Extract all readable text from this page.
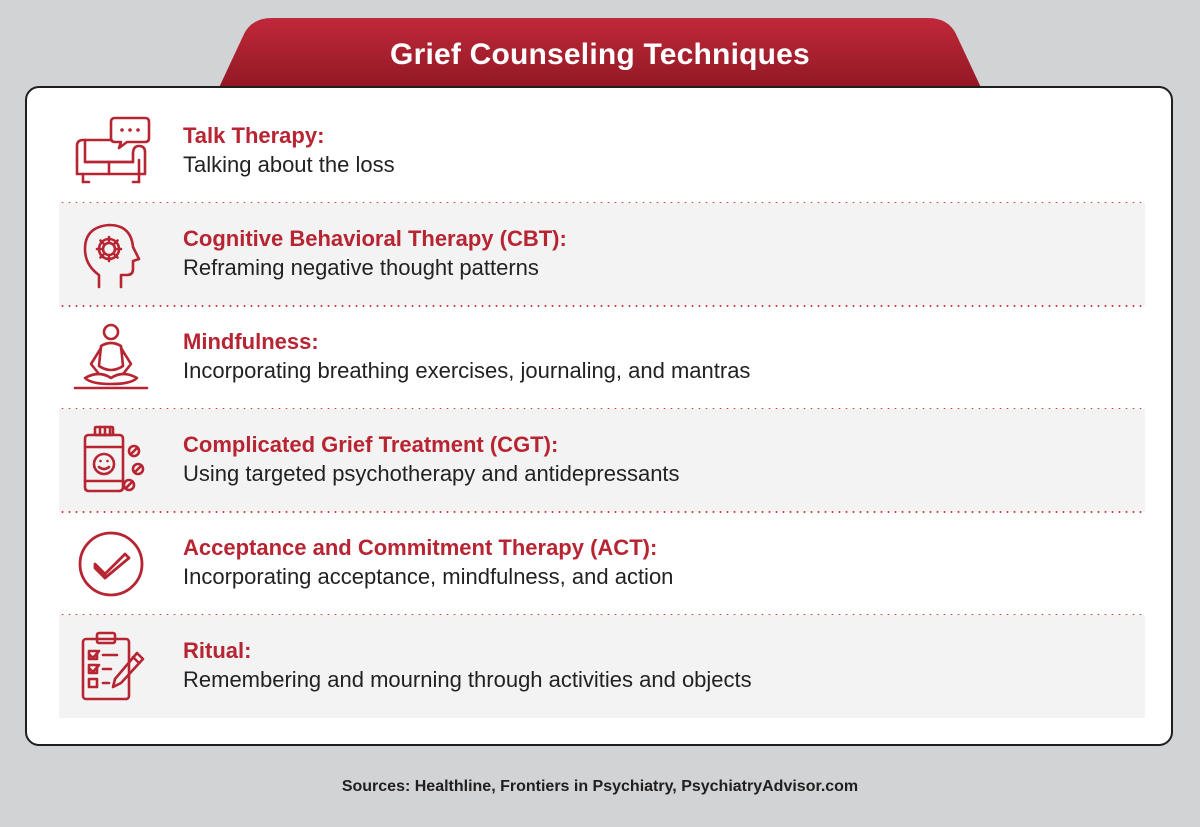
Grief Counseling Techniques
Talk Therapy:
Talking about the loss
Cognitive Behavioral Therapy (CBT):
Reframing negative thought patterns
Mindfulness:
Incorporating breathing exercises, journaling, and mantras
Complicated Grief Treatment (CGT):
Using targeted psychotherapy and antidepressants
Acceptance and Commitment Therapy (ACT):
Incorporating acceptance, mindfulness, and action
Ritual:
Remembering and mourning through activities and objects
Sources: Healthline, Frontiers in Psychiatry, PsychiatryAdvisor.com
